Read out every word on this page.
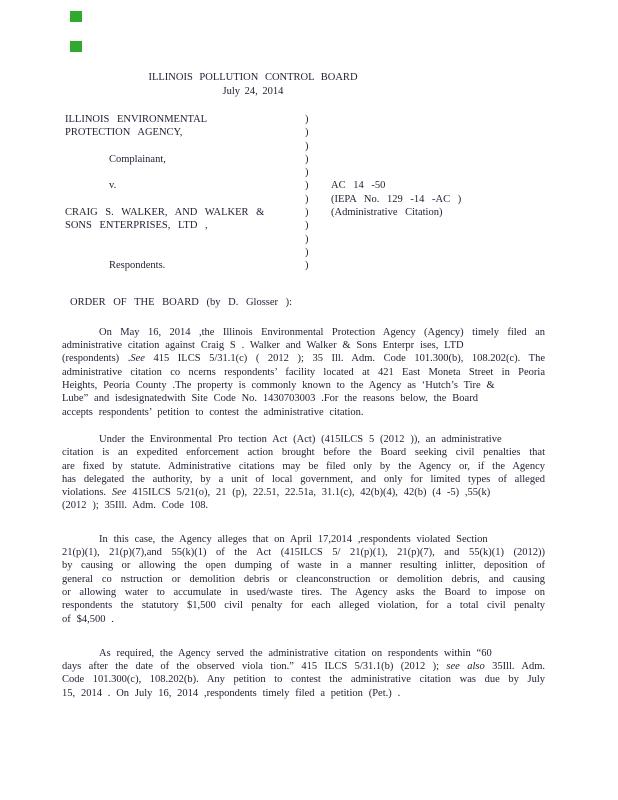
ILLINOIS POLLUTION CONTROL BOARD
July 24, 2014
ILLINOIS ENVIRONMENTAL	)
PROTECTION AGENCY,	)
)
Complainant,	)
)
v.	)	AC 14 -50
)	(IEPA No. 129 -14 -AC )
CRAIG S. WALKER, AND WALKER &	)	(Administrative Citation)
SONS ENTERPRISES, LTD ,	)
)
)
Respondents.	)
ORDER OF THE BOARD (by D. Glosser ):
On May 16, 2014 ,the Illinois Environmental Protection Agency (Agency) timely filed an
administrative citation against Craig S . Walker and Walker & Sons Enterpr ises, LTD
(respondents) .See 415 ILCS 5/31.1(c) ( 2012 ); 35 Ill. Adm. Code 101.300(b), 108.202(c). The
administrative citation co ncerns respondents’ facility located at 421 East Moneta Street in Peoria
Heights, Peoria County .The property is commonly known to the Agency as ‘Hutch’s Tire &
Lube” and isdesignatedwith Site Code No. 1430703003 .For the reasons below, the Board
accepts respondents’ petition to contest the administrative citation.
Under the Environmental Pro tection Act (Act) (415ILCS 5 (2012 )), an administrative
citation is an expedited enforcement action brought before the Board seeking civil penalties that
are fixed by statute. Administrative citations may be filed only by the Agency or, if the Agency
has delegated the authority, by a unit of local government, and only for limited types of alleged
violations. See 415ILCS 5/21(o), 21 (p), 22.51, 22.51a, 31.1(c), 42(b)(4), 42(b) (4 -5) ,55(k)
(2012 ); 35Ill. Adm. Code 108.
In this case, the Agency alleges that on April 17,2014 ,respondents violated Section
21(p)(1), 21(p)(7),and 55(k)(1) of the Act (415ILCS 5/ 21(p)(1), 21(p)(7), and 55(k)(1) (2012))
by causing or allowing the open dumping of waste in a manner resulting inlitter, deposition of
general co nstruction or demolition debris or cleanconstruction or demolition debris, and causing
or allowing water to accumulate in used/waste tires. The Agency asks the Board to impose on
respondents the statutory $1,500 civil penalty for each alleged violation, for a total civil penalty
of $4,500 .
As required, the Agency served the administrative citation on respondents within “60
days after the date of the observed viola tion.” 415 ILCS 5/31.1(b) (2012 ); see also 35Ill. Adm.
Code 101.300(c), 108.202(b). Any petition to contest the administrative citation was due by July
15, 2014 . On July 16, 2014 ,respondents timely filed a petition (Pet.) .
